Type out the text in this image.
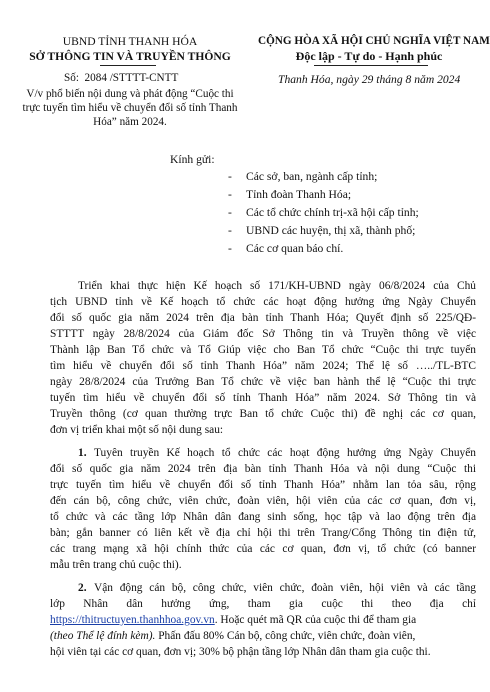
UBND TỈNH THANH HÓA
SỞ THÔNG TIN VÀ TRUYỀN THÔNG
Số: 2084 /STTTT-CNTT
V/v phổ biến nội dung và phát động “Cuộc thi
trực tuyến tìm hiểu về chuyển đổi số tỉnh Thanh
Hóa” năm 2024.
CỘNG HÒA XÃ HỘI CHỦ NGHĨA VIỆT NAM
Độc lập - Tự do - Hạnh phúc
Thanh Hóa, ngày 29 tháng 8 năm 2024
Kính gửi:
- Các sở, ban, ngành cấp tỉnh;
- Tỉnh đoàn Thanh Hóa;
- Các tổ chức chính trị-xã hội cấp tỉnh;
- UBND các huyện, thị xã, thành phố;
- Các cơ quan báo chí.
Triển khai thực hiện Kế hoạch số 171/KH-UBND ngày 06/8/2024 của Chủ
tịch UBND tỉnh về Kế hoạch tổ chức các hoạt động hưởng ứng Ngày Chuyển
đổi số quốc gia năm 2024 trên địa bàn tỉnh Thanh Hóa; Quyết định số 225/QĐ-
STTTT ngày 28/8/2024 của Giám đốc Sở Thông tin và Truyền thông về việc
Thành lập Ban Tổ chức và Tổ Giúp việc cho Ban Tổ chức “Cuộc thi trực tuyến
tìm hiểu về chuyển đổi số tỉnh Thanh Hóa” năm 2024; Thể lệ số …../TL-BTC
ngày 28/8/2024 của Trưởng Ban Tổ chức về việc ban hành thể lệ “Cuộc thi trực
tuyến tìm hiểu về chuyển đổi số tỉnh Thanh Hóa” năm 2024. Sở Thông tin và
Truyền thông (cơ quan thường trực Ban tổ chức Cuộc thi) đề nghị các cơ quan,
đơn vị triển khai một số nội dung sau:
1. Tuyên truyền Kế hoạch tổ chức các hoạt động hưởng ứng Ngày Chuyển
đổi số quốc gia năm 2024 trên địa bàn tỉnh Thanh Hóa và nội dung “Cuộc thi
trực tuyến tìm hiểu về chuyển đổi số tỉnh Thanh Hóa” nhằm lan tỏa sâu, rộng
đến cán bộ, công chức, viên chức, đoàn viên, hội viên của các cơ quan, đơn vị,
tổ chức và các tầng lớp Nhân dân đang sinh sống, học tập và lao động trên địa
bàn; gắn banner có liên kết về địa chỉ hội thi trên Trang/Cổng Thông tin điện tử,
các trang mạng xã hội chính thức của các cơ quan, đơn vị, tổ chức (có banner
mẫu trên trang chủ cuộc thi).
2. Vận động cán bộ, công chức, viên chức, đoàn viên, hội viên và các tầng
lớp Nhân dân hưởng ứng, tham gia cuộc thi theo địa chỉ
https://thitructuyen.thanhhoa.gov.vn. Hoặc quét mã QR của cuộc thi để tham gia
(theo Thể lệ đính kèm). Phấn đấu 80% Cán bộ, công chức, viên chức, đoàn viên,
hội viên tại các cơ quan, đơn vị; 30% bộ phận tầng lớp Nhân dân tham gia cuộc thi.
